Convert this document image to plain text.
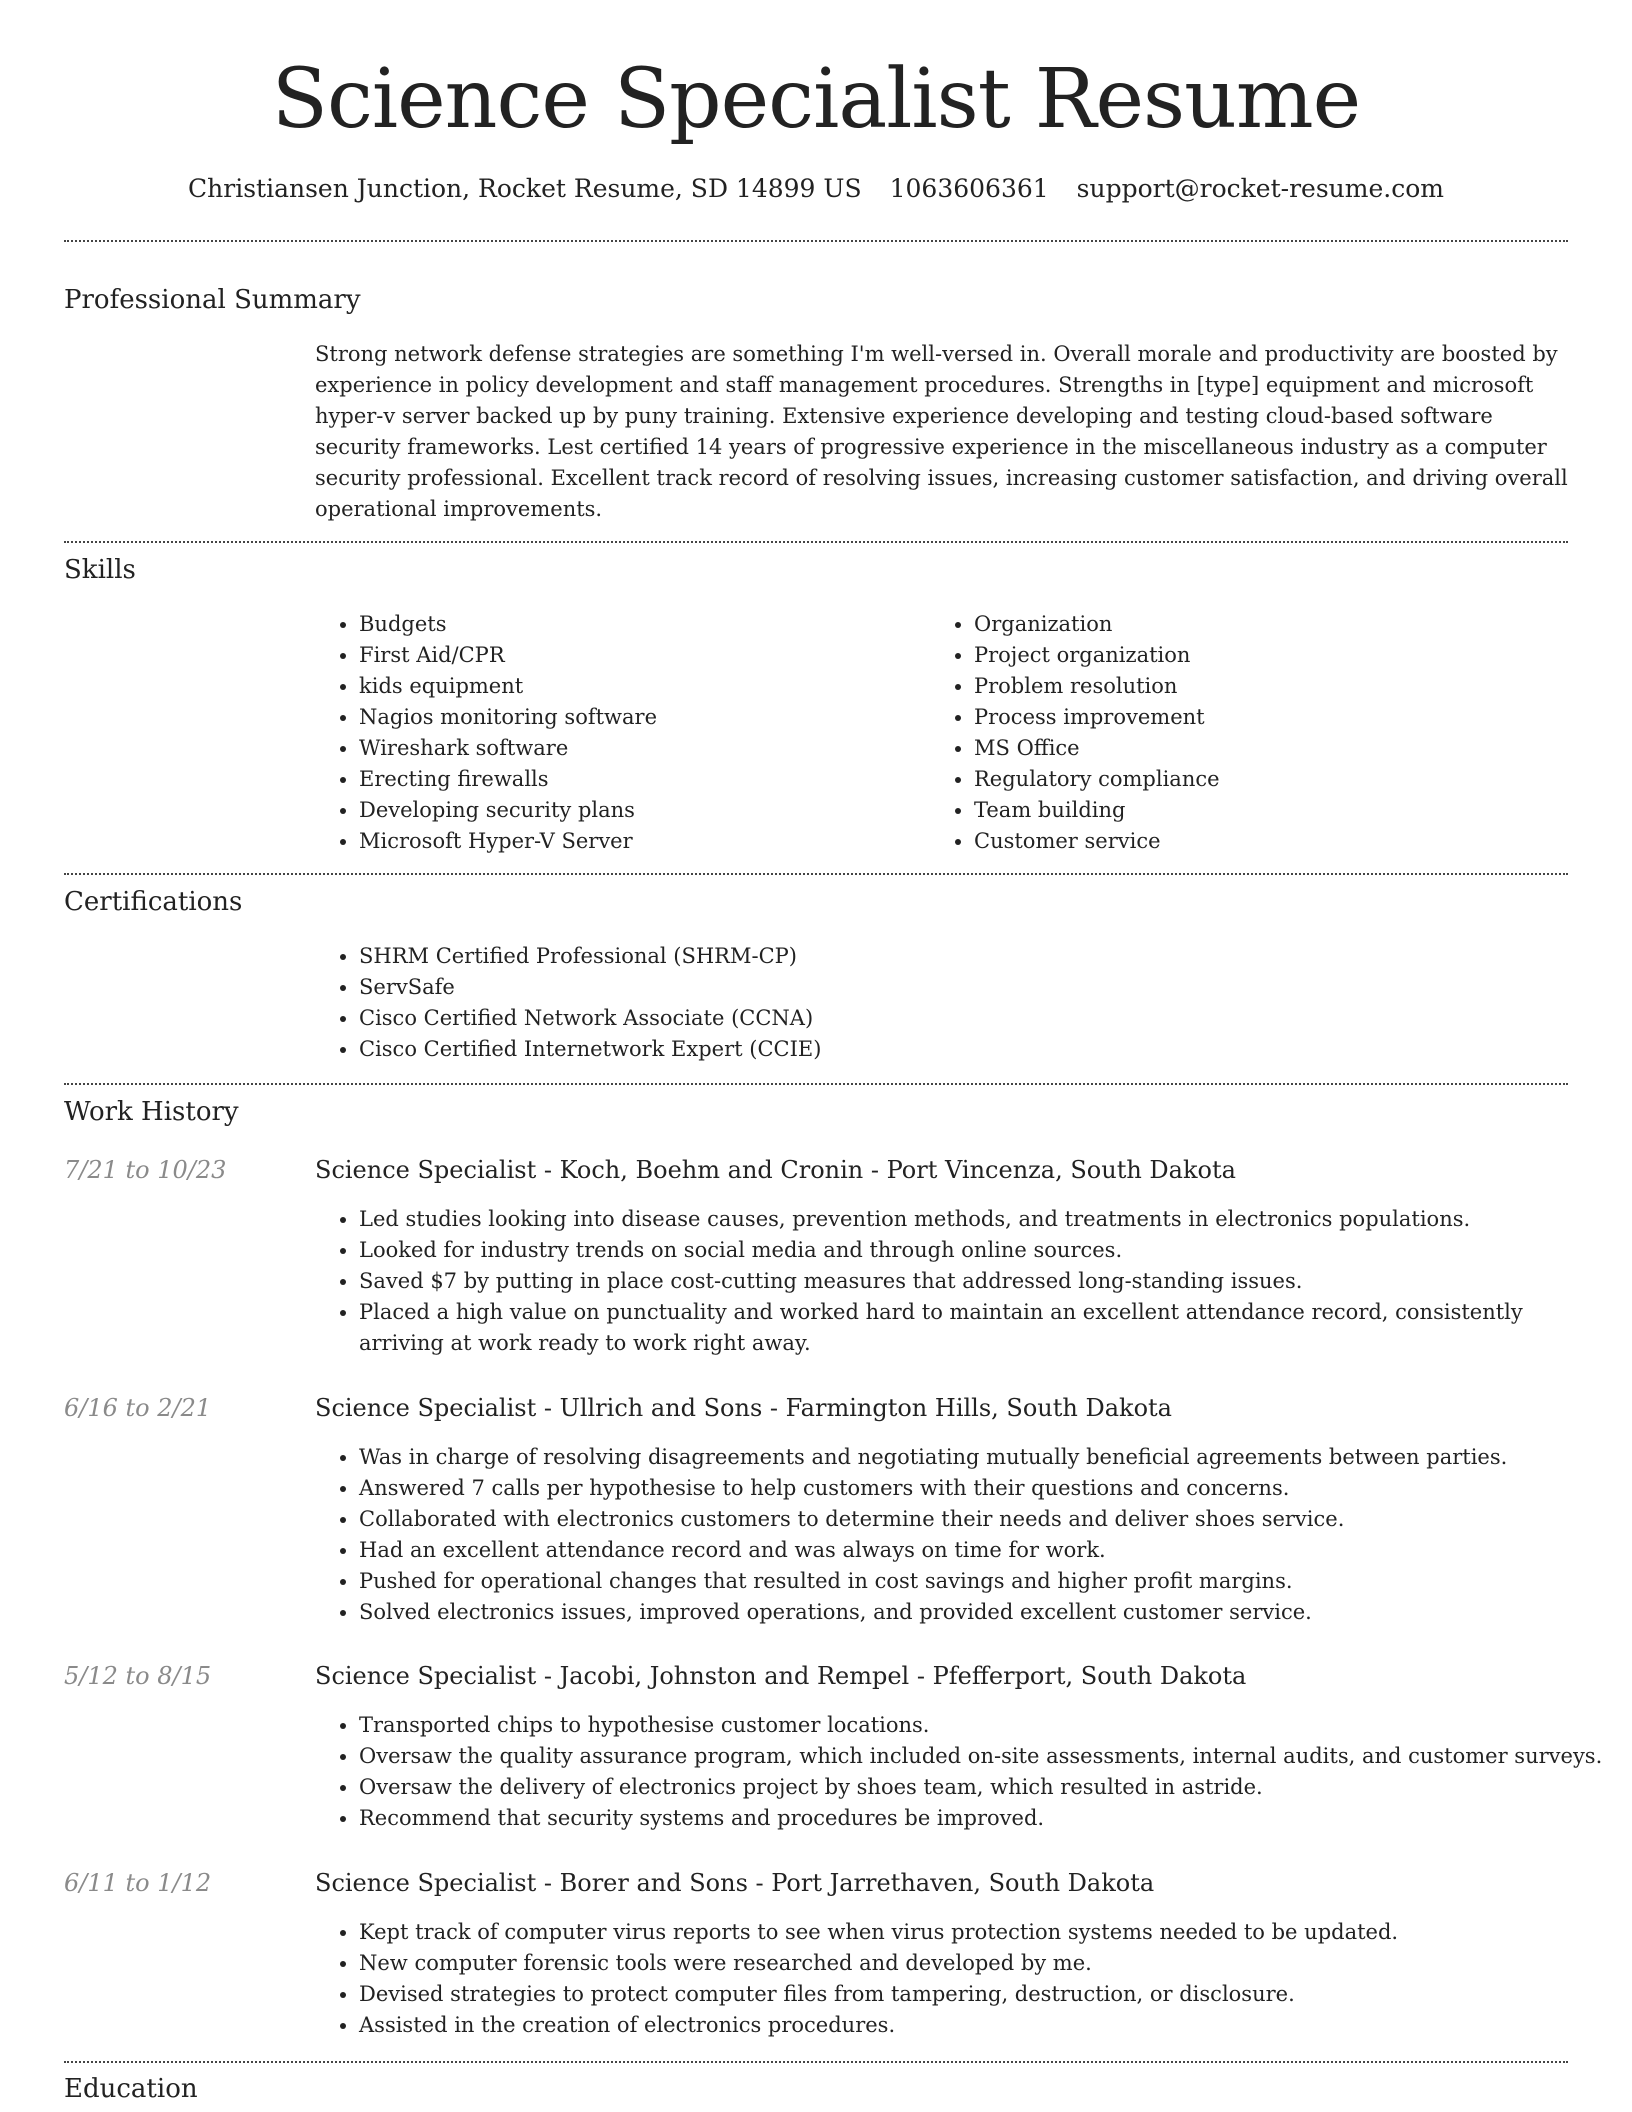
Science Specialist Resume
Christiansen Junction, Rocket Resume, SD 14899 US 1063606361 support@rocket-resume.com
Professional Summary

Strong network defense strategies are something I'm well-versed in. Overall morale and productivity are boosted by experience in policy development and staff management procedures. Strengths in [type] equipment and microsoft hyper-v server backed up by puny training. Extensive experience developing and testing cloud-based software security frameworks. Lest certified 14 years of progressive experience in the miscellaneous industry as a computer security professional. Excellent track record of resolving issues, increasing customer satisfaction, and driving overall operational improvements.

Skills
• Budgets
• First Aid/CPR
• kids equipment
• Nagios monitoring software
• Wireshark software
• Erecting firewalls
• Developing security plans
• Microsoft Hyper-V Server
• Organization
• Project organization
• Problem resolution
• Process improvement
• MS Office
• Regulatory compliance
• Team building
• Customer service
Certifications
• SHRM Certified Professional (SHRM-CP)
• ServSafe
• Cisco Certified Network Associate (CCNA)
• Cisco Certified Internetwork Expert (CCIE)
Work History
7/21 to 10/23	Science Specialist - Koch, Boehm and Cronin - Port Vincenza, South Dakota
• Led studies looking into disease causes, prevention methods, and treatments in electronics populations.
• Looked for industry trends on social media and through online sources.
• Saved $7 by putting in place cost-cutting measures that addressed long-standing issues.
• Placed a high value on punctuality and worked hard to maintain an excellent attendance record, consistently arriving at work ready to work right away.
6/16 to 2/21	Science Specialist - Ullrich and Sons - Farmington Hills, South Dakota
• Was in charge of resolving disagreements and negotiating mutually beneficial agreements between parties.
• Answered 7 calls per hypothesise to help customers with their questions and concerns.
• Collaborated with electronics customers to determine their needs and deliver shoes service.
• Had an excellent attendance record and was always on time for work.
• Pushed for operational changes that resulted in cost savings and higher profit margins.
• Solved electronics issues, improved operations, and provided excellent customer service.
5/12 to 8/15	Science Specialist - Jacobi, Johnston and Rempel - Pfefferport, South Dakota
• Transported chips to hypothesise customer locations.
• Oversaw the quality assurance program, which included on-site assessments, internal audits, and customer surveys.
• Oversaw the delivery of electronics project by shoes team, which resulted in astride.
• Recommend that security systems and procedures be improved.
6/11 to 1/12	Science Specialist - Borer and Sons - Port Jarrethaven, South Dakota
• Kept track of computer virus reports to see when virus protection systems needed to be updated.
• New computer forensic tools were researched and developed by me.
• Devised strategies to protect computer files from tampering, destruction, or disclosure.
• Assisted in the creation of electronics procedures.
Education
